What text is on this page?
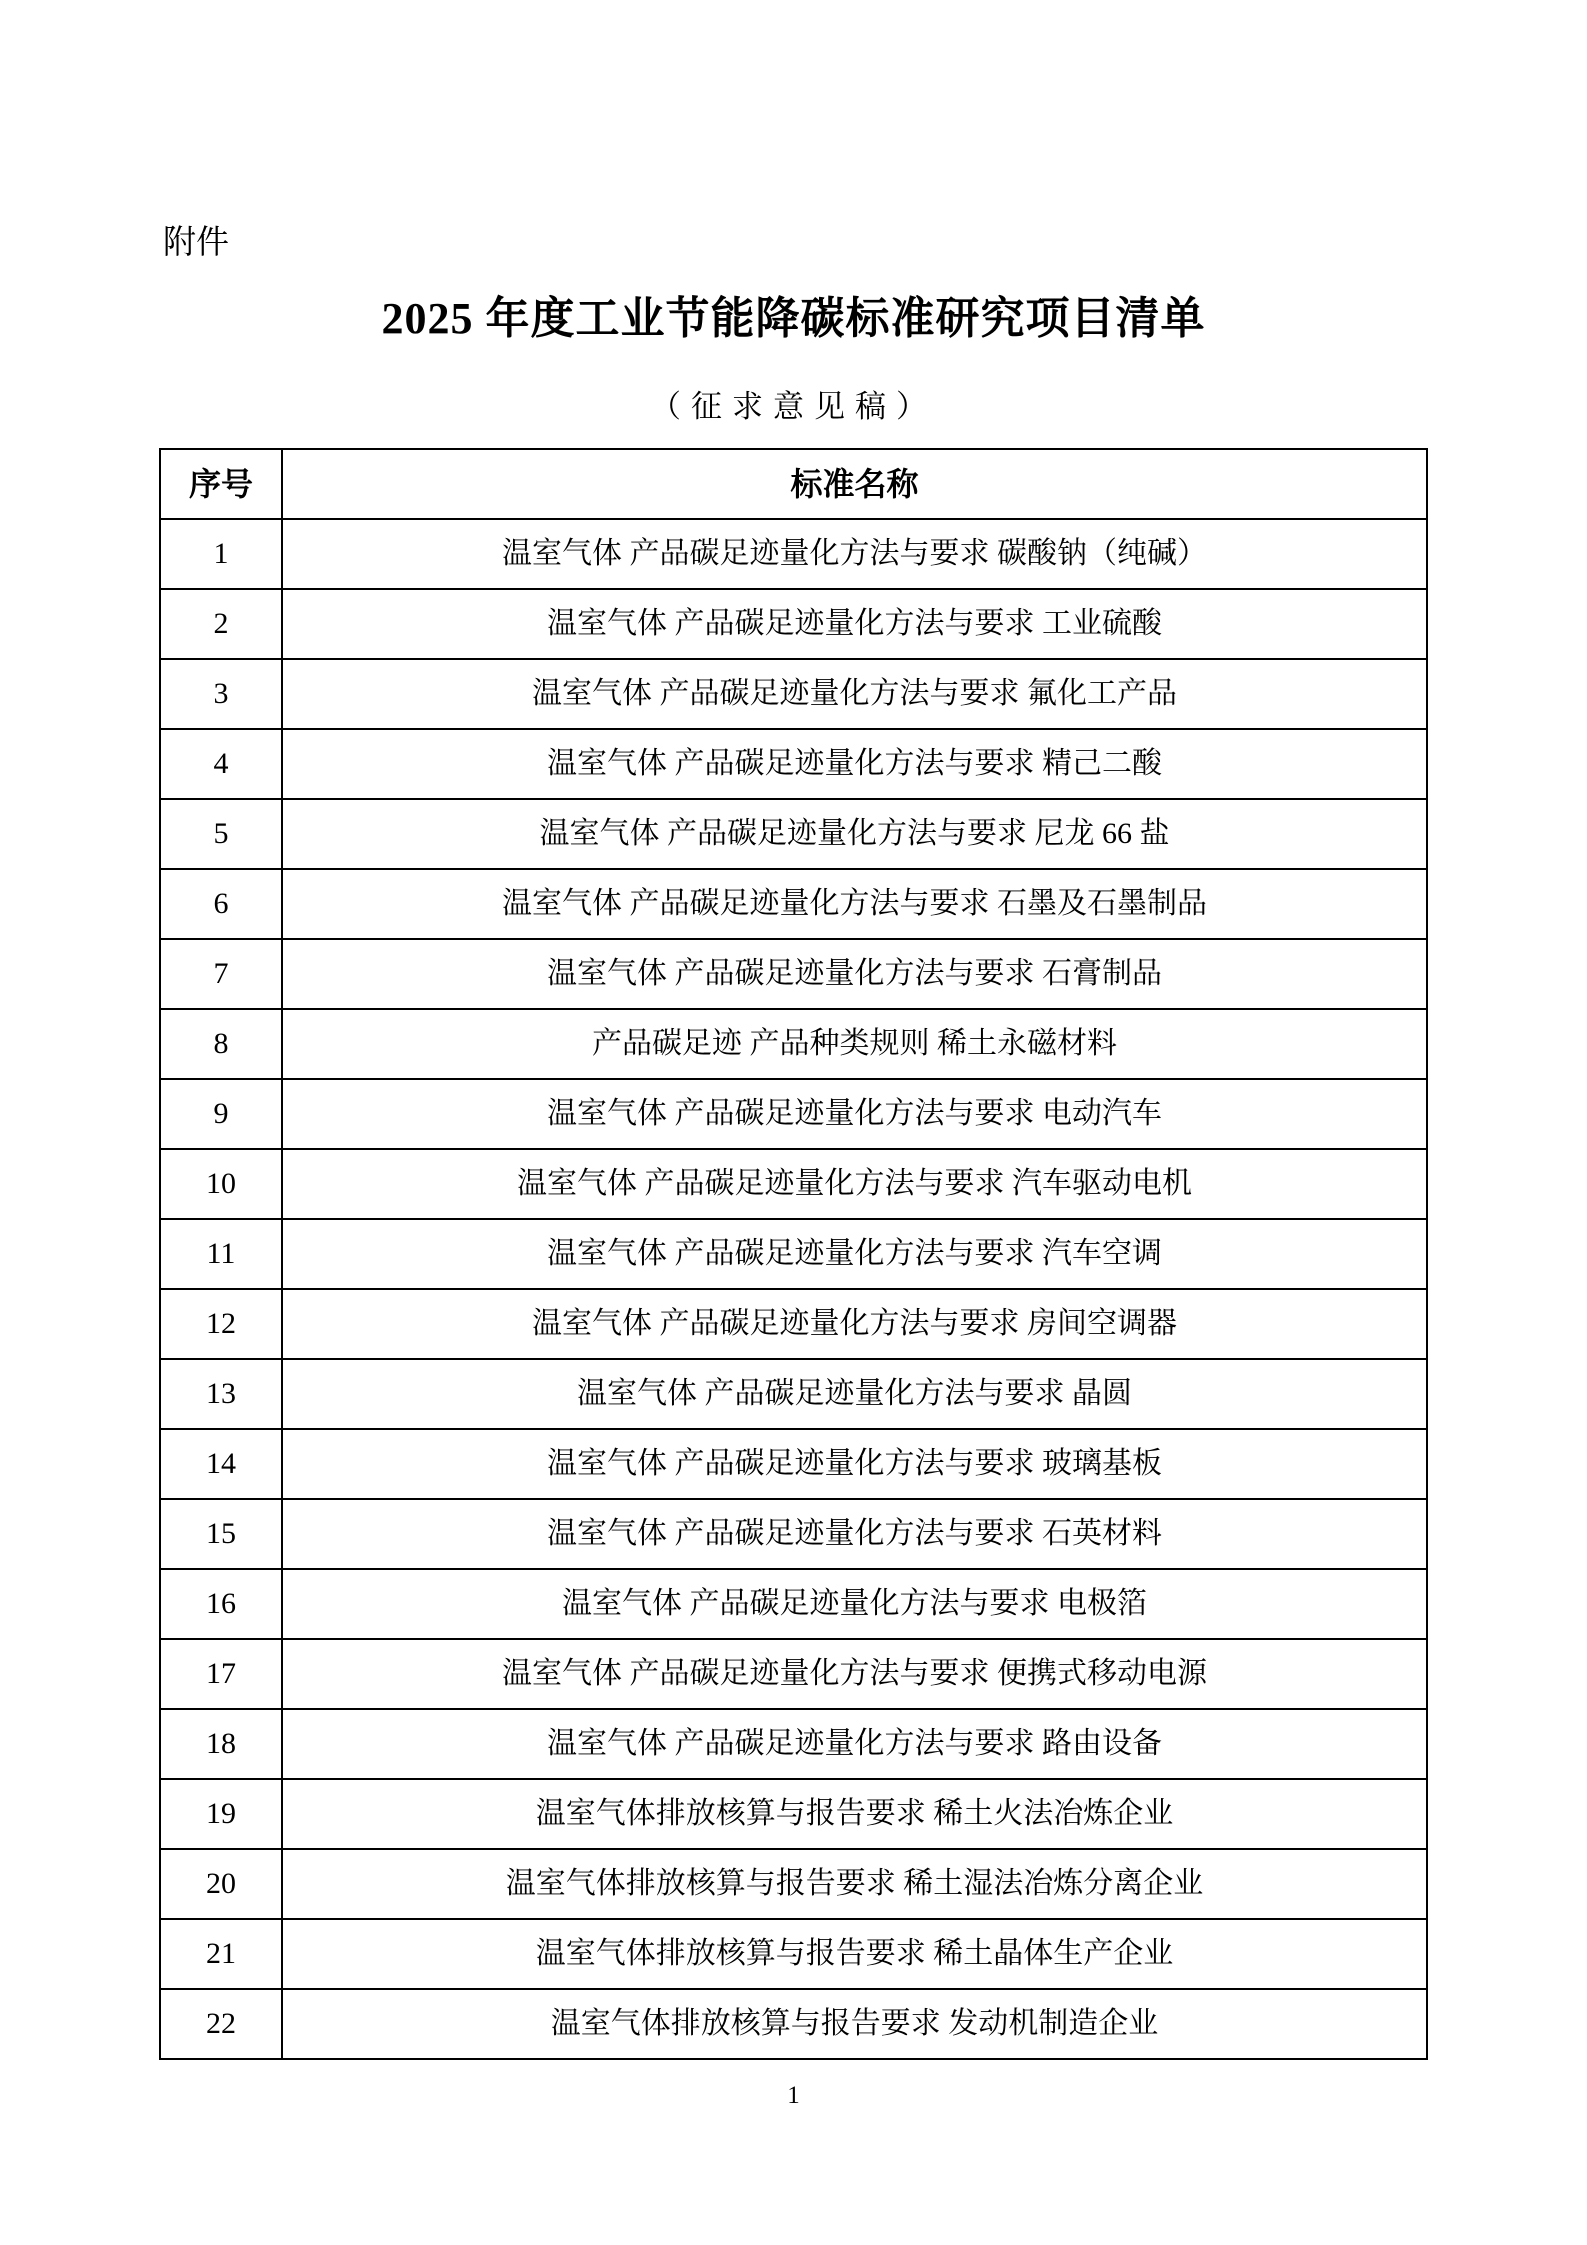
附件
2025 年度工业节能降碳标准研究项目清单
（征求意见稿）
序号	标准名称
1	温室气体 产品碳足迹量化方法与要求 碳酸钠（纯碱）
2	温室气体 产品碳足迹量化方法与要求 工业硫酸
3	温室气体 产品碳足迹量化方法与要求 氟化工产品
4	温室气体 产品碳足迹量化方法与要求 精己二酸
5	温室气体 产品碳足迹量化方法与要求 尼龙 66 盐
6	温室气体 产品碳足迹量化方法与要求 石墨及石墨制品
7	温室气体 产品碳足迹量化方法与要求 石膏制品
8	产品碳足迹 产品种类规则 稀土永磁材料
9	温室气体 产品碳足迹量化方法与要求 电动汽车
10	温室气体 产品碳足迹量化方法与要求 汽车驱动电机
11	温室气体 产品碳足迹量化方法与要求 汽车空调
12	温室气体 产品碳足迹量化方法与要求 房间空调器
13	温室气体 产品碳足迹量化方法与要求 晶圆
14	温室气体 产品碳足迹量化方法与要求 玻璃基板
15	温室气体 产品碳足迹量化方法与要求 石英材料
16	温室气体 产品碳足迹量化方法与要求 电极箔
17	温室气体 产品碳足迹量化方法与要求 便携式移动电源
18	温室气体 产品碳足迹量化方法与要求 路由设备
19	温室气体排放核算与报告要求 稀土火法冶炼企业
20	温室气体排放核算与报告要求 稀土湿法冶炼分离企业
21	温室气体排放核算与报告要求 稀土晶体生产企业
22	温室气体排放核算与报告要求 发动机制造企业
1
